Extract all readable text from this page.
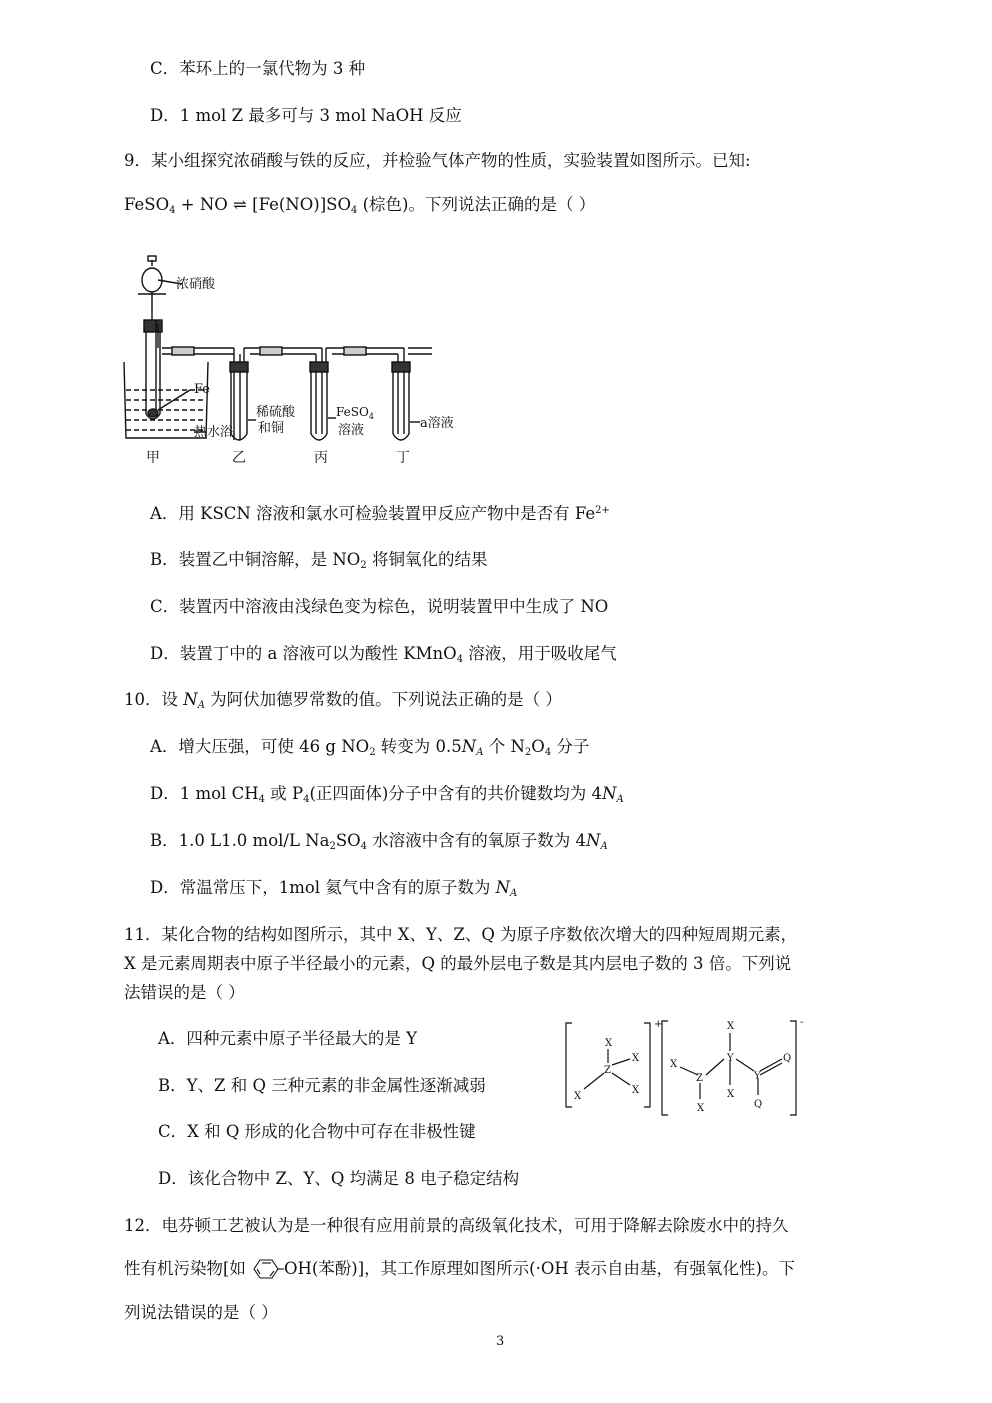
C．苯环上的一氯代物为 3 种
D．1 mol Z 最多可与 3 mol NaOH 反应
9．某小组探究浓硝酸与铁的反应，并检验气体产物的性质，实验装置如图所示。已知:
FeSO$_4$ + NO ⇌ $[Fe(NO)]SO_4$ (棕色)。下列说法正确的是（ ）
浓硝酸
Fe
热水浴
稀硫酸
和铜
FeSO$_4$
溶液	a溶液
甲	乙	丙	丁
A．用 KSCN 溶液和氯水可检验装置甲反应产物中是否有 $Fe^{2+}$
B．装置乙中铜溶解，是 $NO_2$ 将铜氧化的结果
C．装置丙中溶液由浅绿色变为棕色，说明装置甲中生成了 NO
D．装置丁中的 a 溶液可以为酸性 KMnO$_4$ 溶液，用于吸收尾气
10．设 $N_A$ 为阿伏加德罗常数的值。下列说法正确的是（ ）
A．增大压强，可使 46 g $NO_2$ 转变为 $0.5N_A$ 个 $N_2O_4$ 分子
D．1 mol $CH_4$ 或 $P_4$(正四面体)分子中含有的共价键数均为 $4N_A$
B．1.0 L1.0 mol/L $Na_2SO_4$ 水溶液中含有的氧原子数为 $4N_A$
D．常温常压下，1mol 氦气中含有的原子数为 $N_A$
11．某化合物的结构如图所示，其中 X、Y、Z、Q 为原子序数依次增大的四种短周期元素，
X 是元素周期表中原子半径最小的元素，Q 的最外层电子数是其内层电子数的 3 倍。下列说
法错误的是（ ）
A．四种元素中原子半径最大的是 Y
B．Y、Z 和 Q 三种元素的非金属性逐渐减弱
C．X 和 Q 形成的化合物中可存在非极性键
D．该化合物中 Z、Y、Q 均满足 8 电子稳定结构
X
Z
X
X
X
+
X
Z
X
X
Y
X
Y
Q
Q
-
12．电芬顿工艺被认为是一种很有应用前景的高级氧化技术，可用于降解去除废水中的持久
性有机污染物[如 OH(苯酚)]，其工作原理如图所示(·OH 表示自由基，有强氧化性)。下
列说法错误的是（ ）
3
